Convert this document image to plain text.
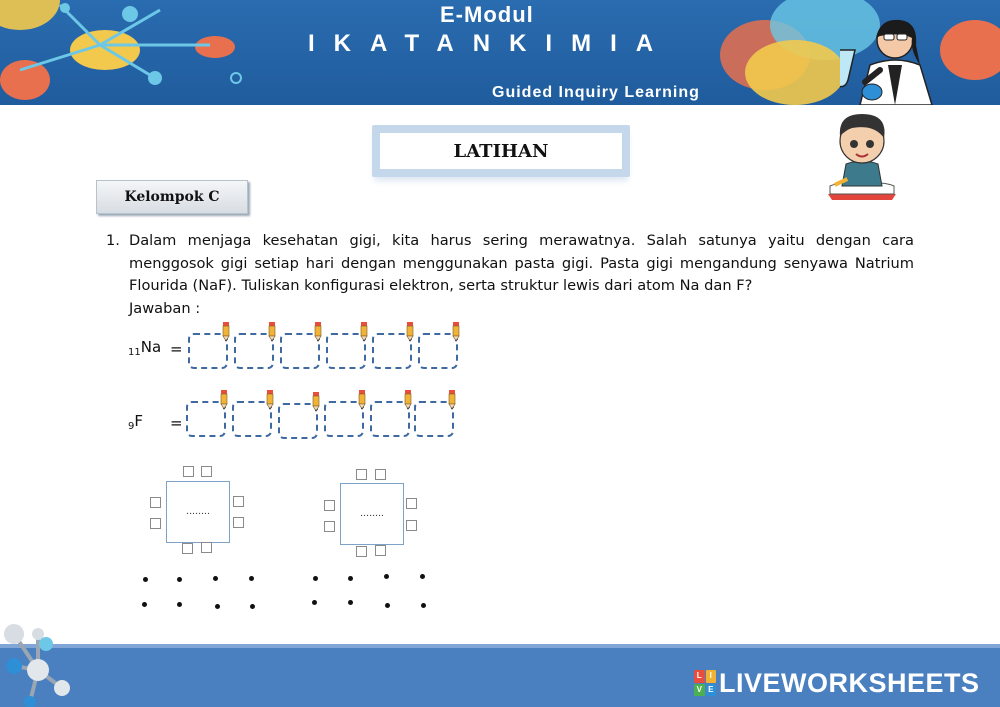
E-Modul
IKATANKIMIA
Guided Inquiry Learning
LATIHAN
Kelompok C
1. Dalam menjaga kesehatan gigi, kita harus sering merawatnya. Salah satunya yaitu dengan cara menggosok gigi setiap hari dengan menggunakan pasta gigi. Pasta gigi mengandung senyawa Natrium Flourida (NaF). Tuliskan konfigurasi elektron, serta struktur lewis dari atom Na dan F?
Jawaban :
$_{11}$Na =
$_9$F =
……..	……..
L I
V E LIVEWORKSHEETS
